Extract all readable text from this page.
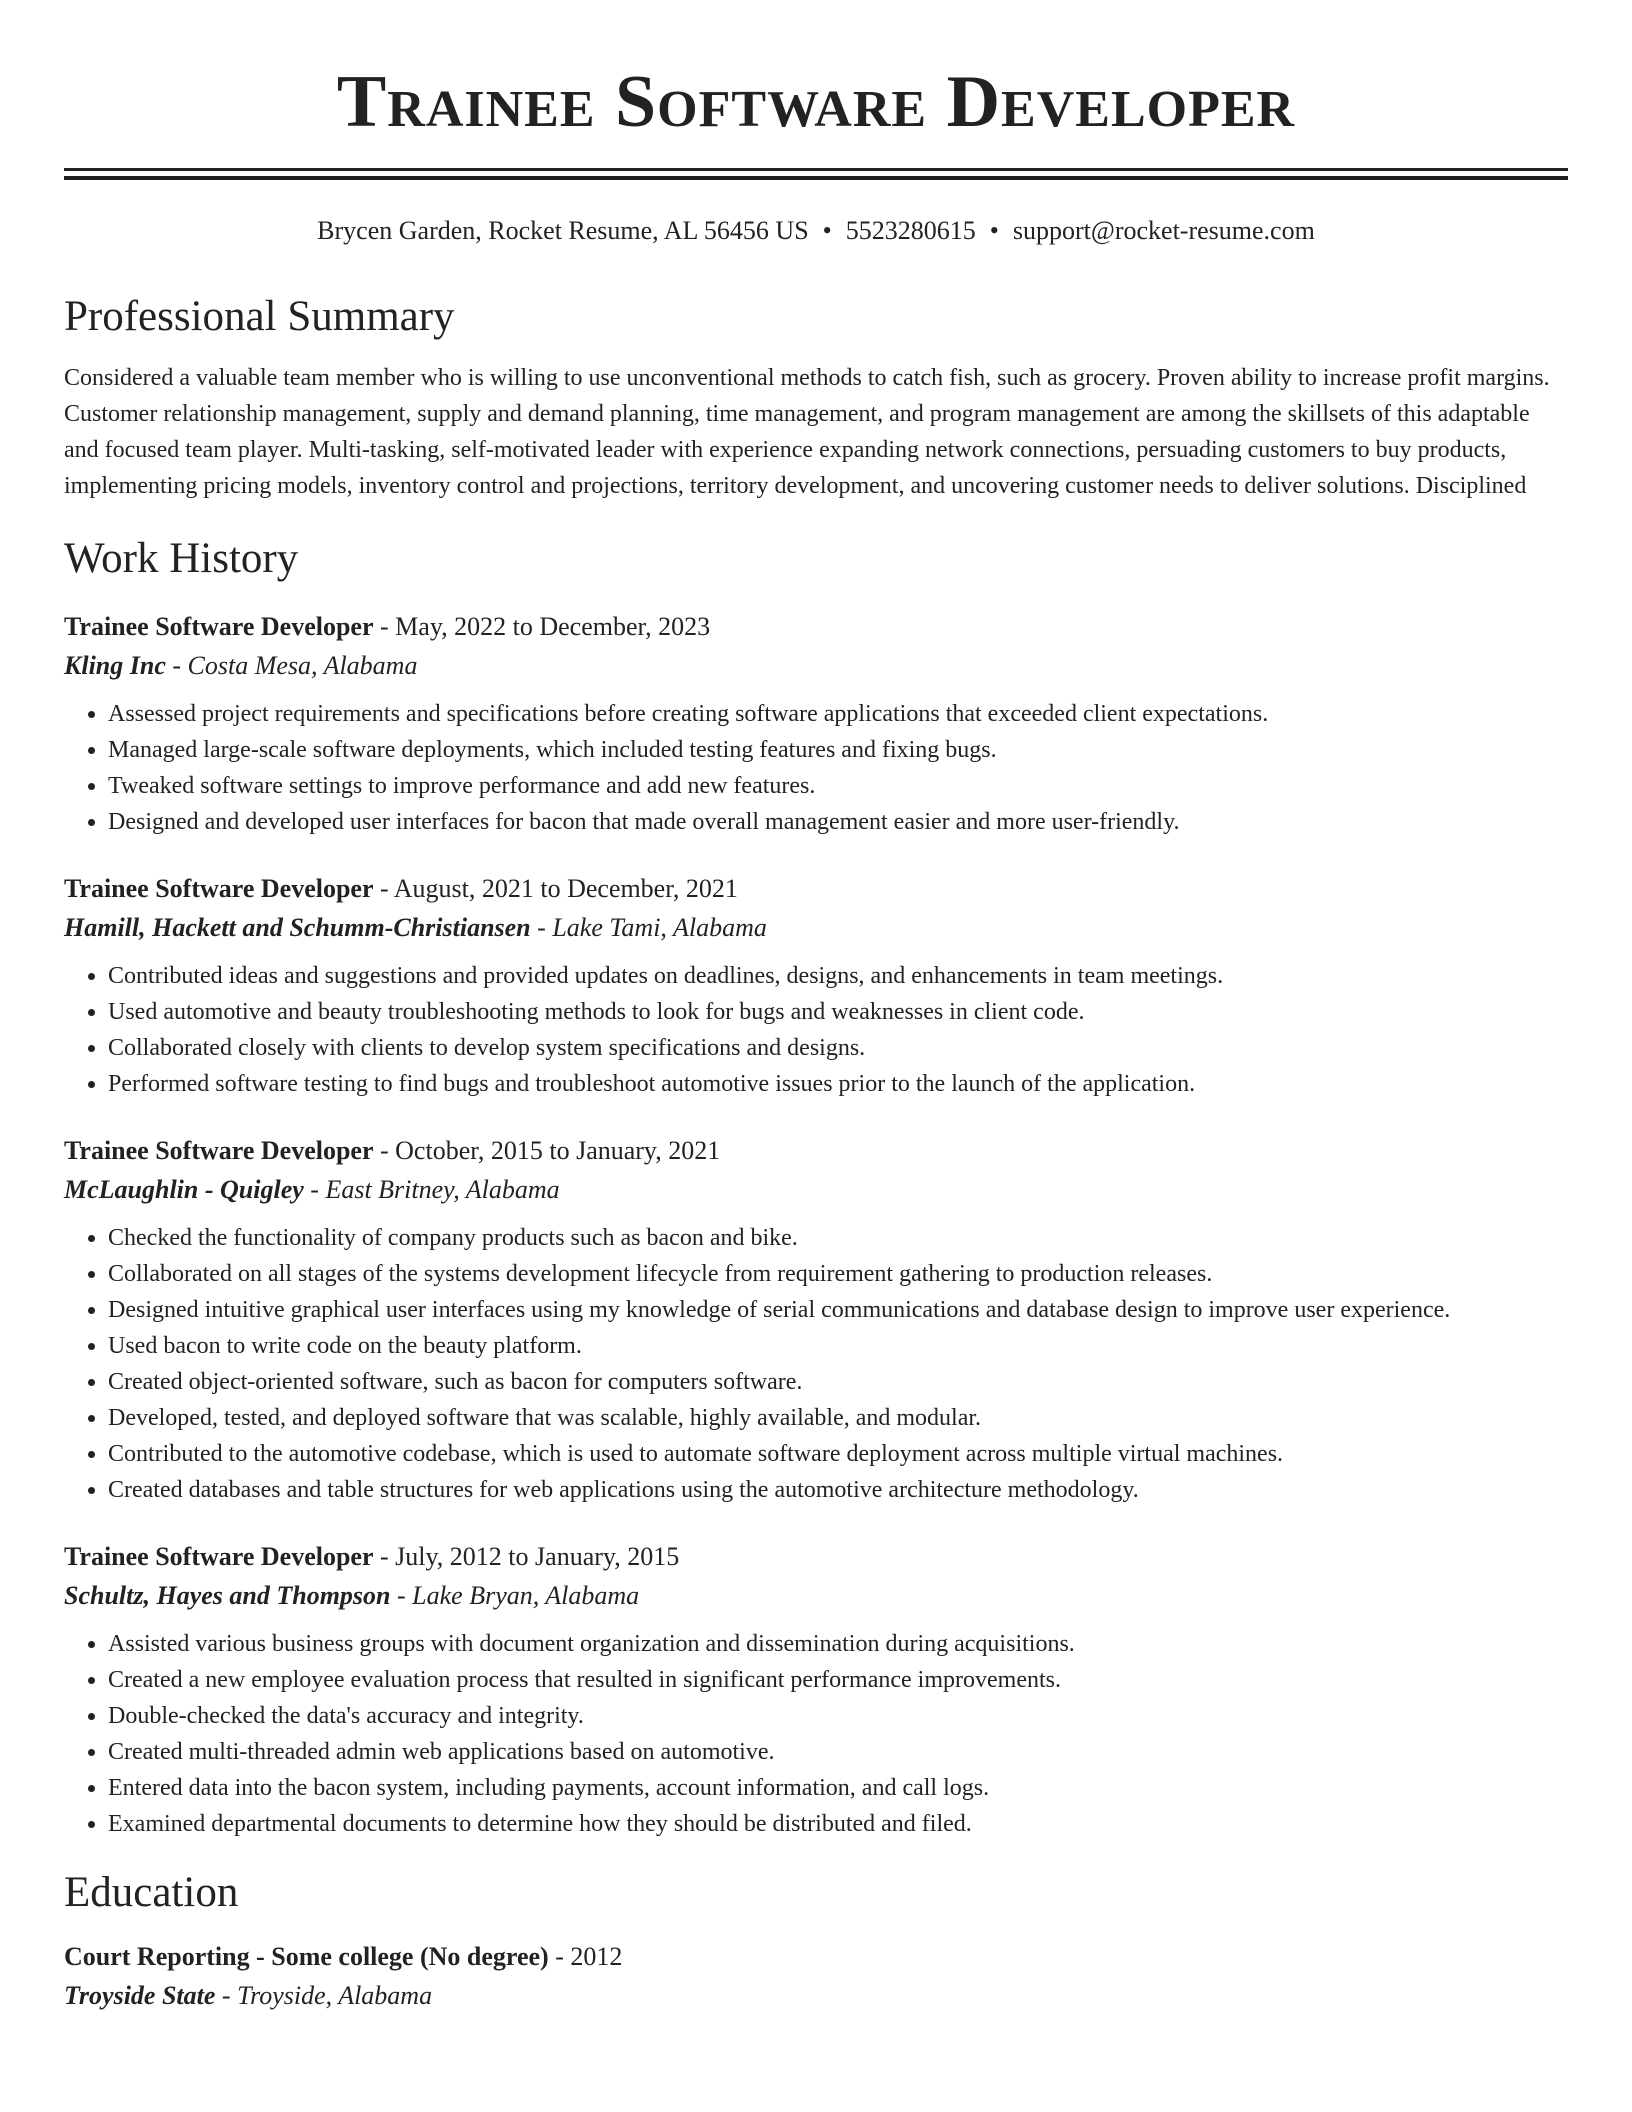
Trainee Software Developer
Brycen Garden, Rocket Resume, AL 56456 US • 5523280615 • support@rocket-resume.com
Professional Summary

Considered a valuable team member who is willing to use unconventional methods to catch fish, such as grocery. Proven ability to increase profit margins. Customer relationship management, supply and demand planning, time management, and program management are among the skillsets of this adaptable and focused team player. Multi-tasking, self-motivated leader with experience expanding network connections, persuading customers to buy products, implementing pricing models, inventory control and projections, territory development, and uncovering customer needs to deliver solutions. Disciplined

Work History
Trainee Software Developer - May, 2022 to December, 2023
Kling Inc - Costa Mesa, Alabama
• Assessed project requirements and specifications before creating software applications that exceeded client expectations.
• Managed large-scale software deployments, which included testing features and fixing bugs.
• Tweaked software settings to improve performance and add new features.
• Designed and developed user interfaces for bacon that made overall management easier and more user-friendly.
Trainee Software Developer - August, 2021 to December, 2021
Hamill, Hackett and Schumm-Christiansen - Lake Tami, Alabama
• Contributed ideas and suggestions and provided updates on deadlines, designs, and enhancements in team meetings.
• Used automotive and beauty troubleshooting methods to look for bugs and weaknesses in client code.
• Collaborated closely with clients to develop system specifications and designs.
• Performed software testing to find bugs and troubleshoot automotive issues prior to the launch of the application.
Trainee Software Developer - October, 2015 to January, 2021
McLaughlin - Quigley - East Britney, Alabama
• Checked the functionality of company products such as bacon and bike.
• Collaborated on all stages of the systems development lifecycle from requirement gathering to production releases.
• Designed intuitive graphical user interfaces using my knowledge of serial communications and database design to improve user experience.
• Used bacon to write code on the beauty platform.
• Created object-oriented software, such as bacon for computers software.
• Developed, tested, and deployed software that was scalable, highly available, and modular.
• Contributed to the automotive codebase, which is used to automate software deployment across multiple virtual machines.
• Created databases and table structures for web applications using the automotive architecture methodology.
Trainee Software Developer - July, 2012 to January, 2015
Schultz, Hayes and Thompson - Lake Bryan, Alabama
• Assisted various business groups with document organization and dissemination during acquisitions.
• Created a new employee evaluation process that resulted in significant performance improvements.
• Double-checked the data's accuracy and integrity.
• Created multi-threaded admin web applications based on automotive.
• Entered data into the bacon system, including payments, account information, and call logs.
• Examined departmental documents to determine how they should be distributed and filed.
Education
Court Reporting - Some college (No degree) - 2012
Troyside State - Troyside, Alabama
